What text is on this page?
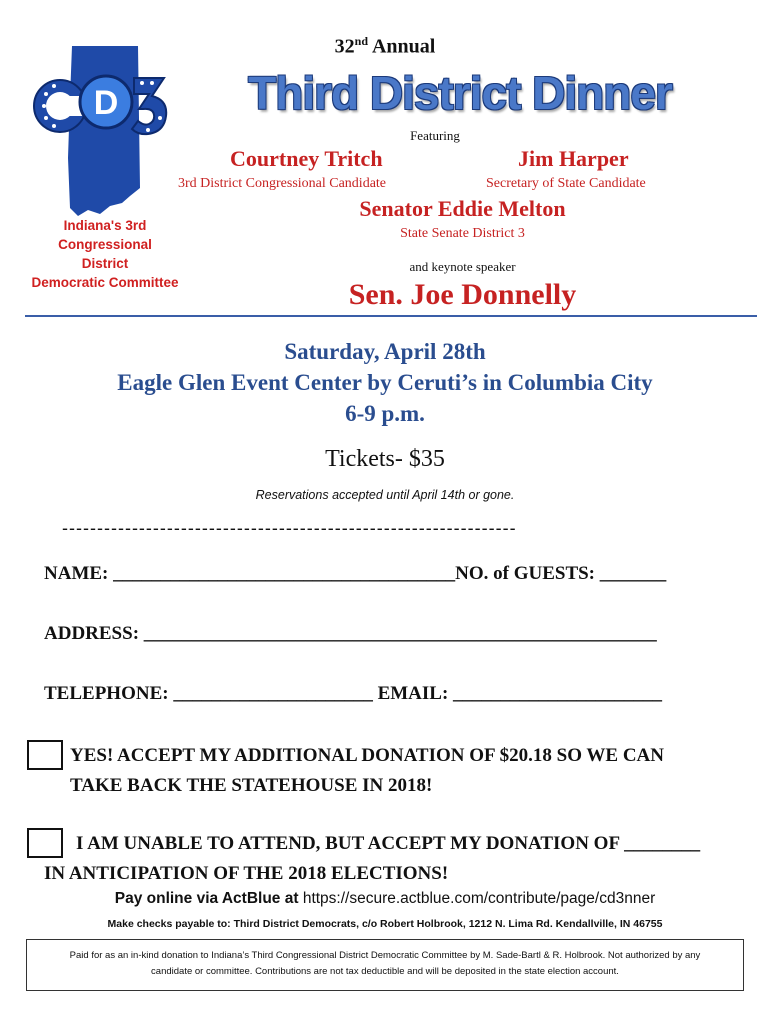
D
Indiana's 3rd
Congressional
District
Democratic Committee
32nd Annual
Third District Dinner
Featuring
Courtney Tritch
3rd District Congressional Candidate
Jim Harper
Secretary of State Candidate
Senator Eddie Melton
State Senate District 3
and keynote speaker
Sen. Joe Donnelly
Saturday, April 28th
Eagle Glen Event Center by Ceruti’s in Columbia City
6-9 p.m.
Tickets- $35
Reservations accepted until April 14th or gone.
-----------------------------------------------------------------
NAME: ____________________________________NO. of GUESTS: _______
ADDRESS: ______________________________________________________
TELEPHONE: _____________________ EMAIL: ______________________
YES! ACCEPT MY ADDITIONAL DONATION OF $20.18 SO WE CAN
TAKE BACK THE STATEHOUSE IN 2018!
I AM UNABLE TO ATTEND, BUT ACCEPT MY DONATION OF ________
IN ANTICIPATION OF THE 2018 ELECTIONS!
Pay online via ActBlue at https://secure.actblue.com/contribute/page/cd3nner
Make checks payable to: Third District Democrats, c/o Robert Holbrook, 1212 N. Lima Rd. Kendallville, IN 46755
Paid for as an in-kind donation to Indiana’s Third Congressional District Democratic Committee by M. Sade-Bartl & R. Holbrook. Not authorized by any
candidate or committee. Contributions are not tax deductible and will be deposited in the state election account.
